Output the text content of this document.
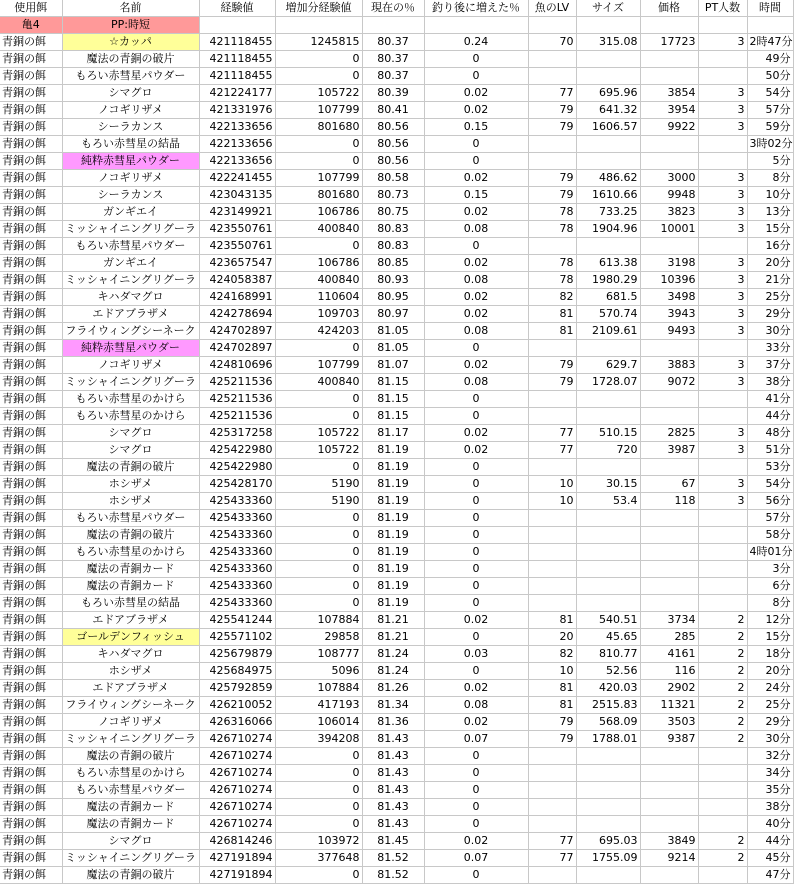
使用餌	名前	経験値	増加分経験値	現在の％	釣り後に増えた％	魚のLV	サイズ	価格	PT人数	時間
亀4	PP:時短									
青銅の餌	☆カッパ	421118455	1245815	80.37	0.24	70	315.08	17723	3	2時47分
青銅の餌	魔法の青銅の破片	421118455	0	80.37	0					49分
青銅の餌	もろい赤彗星パウダー	421118455	0	80.37	0					50分
青銅の餌	シマグロ	421224177	105722	80.39	0.02	77	695.96	3854	3	54分
青銅の餌	ノコギリザメ	421331976	107799	80.41	0.02	79	641.32	3954	3	57分
青銅の餌	シーラカンス	422133656	801680	80.56	0.15	79	1606.57	9922	3	59分
青銅の餌	もろい赤彗星の結晶	422133656	0	80.56	0					3時02分
青銅の餌	純粋赤彗星パウダー	422133656	0	80.56	0					5分
青銅の餌	ノコギリザメ	422241455	107799	80.58	0.02	79	486.62	3000	3	8分
青銅の餌	シーラカンス	423043135	801680	80.73	0.15	79	1610.66	9948	3	10分
青銅の餌	ガンギエイ	423149921	106786	80.75	0.02	78	733.25	3823	3	13分
青銅の餌	ミッシャイニングリグーラ	423550761	400840	80.83	0.08	78	1904.96	10001	3	15分
青銅の餌	もろい赤彗星パウダー	423550761	0	80.83	0					16分
青銅の餌	ガンギエイ	423657547	106786	80.85	0.02	78	613.38	3198	3	20分
青銅の餌	ミッシャイニングリグーラ	424058387	400840	80.93	0.08	78	1980.29	10396	3	21分
青銅の餌	キハダマグロ	424168991	110604	80.95	0.02	82	681.5	3498	3	25分
青銅の餌	エドアブラザメ	424278694	109703	80.97	0.02	81	570.74	3943	3	29分
青銅の餌	フライウィングシーネーク	424702897	424203	81.05	0.08	81	2109.61	9493	3	30分
青銅の餌	純粋赤彗星パウダー	424702897	0	81.05	0					33分
青銅の餌	ノコギリザメ	424810696	107799	81.07	0.02	79	629.7	3883	3	37分
青銅の餌	ミッシャイニングリグーラ	425211536	400840	81.15	0.08	79	1728.07	9072	3	38分
青銅の餌	もろい赤彗星のかけら	425211536	0	81.15	0					41分
青銅の餌	もろい赤彗星のかけら	425211536	0	81.15	0					44分
青銅の餌	シマグロ	425317258	105722	81.17	0.02	77	510.15	2825	3	48分
青銅の餌	シマグロ	425422980	105722	81.19	0.02	77	720	3987	3	51分
青銅の餌	魔法の青銅の破片	425422980	0	81.19	0					53分
青銅の餌	ホシザメ	425428170	5190	81.19	0	10	30.15	67	3	54分
青銅の餌	ホシザメ	425433360	5190	81.19	0	10	53.4	118	3	56分
青銅の餌	もろい赤彗星パウダー	425433360	0	81.19	0					57分
青銅の餌	魔法の青銅の破片	425433360	0	81.19	0					58分
青銅の餌	もろい赤彗星のかけら	425433360	0	81.19	0					4時01分
青銅の餌	魔法の青銅カード	425433360	0	81.19	0					3分
青銅の餌	魔法の青銅カード	425433360	0	81.19	0					6分
青銅の餌	もろい赤彗星の結晶	425433360	0	81.19	0					8分
青銅の餌	エドアブラザメ	425541244	107884	81.21	0.02	81	540.51	3734	2	12分
青銅の餌	ゴールデンフィッシュ	425571102	29858	81.21	0	20	45.65	285	2	15分
青銅の餌	キハダマグロ	425679879	108777	81.24	0.03	82	810.77	4161	2	18分
青銅の餌	ホシザメ	425684975	5096	81.24	0	10	52.56	116	2	20分
青銅の餌	エドアブラザメ	425792859	107884	81.26	0.02	81	420.03	2902	2	24分
青銅の餌	フライウィングシーネーク	426210052	417193	81.34	0.08	81	2515.83	11321	2	25分
青銅の餌	ノコギリザメ	426316066	106014	81.36	0.02	79	568.09	3503	2	29分
青銅の餌	ミッシャイニングリグーラ	426710274	394208	81.43	0.07	79	1788.01	9387	2	30分
青銅の餌	魔法の青銅の破片	426710274	0	81.43	0					32分
青銅の餌	もろい赤彗星のかけら	426710274	0	81.43	0					34分
青銅の餌	もろい赤彗星パウダー	426710274	0	81.43	0					35分
青銅の餌	魔法の青銅カード	426710274	0	81.43	0					38分
青銅の餌	魔法の青銅カード	426710274	0	81.43	0					40分
青銅の餌	シマグロ	426814246	103972	81.45	0.02	77	695.03	3849	2	44分
青銅の餌	ミッシャイニングリグーラ	427191894	377648	81.52	0.07	77	1755.09	9214	2	45分
青銅の餌	魔法の青銅の破片	427191894	0	81.52	0					47分
